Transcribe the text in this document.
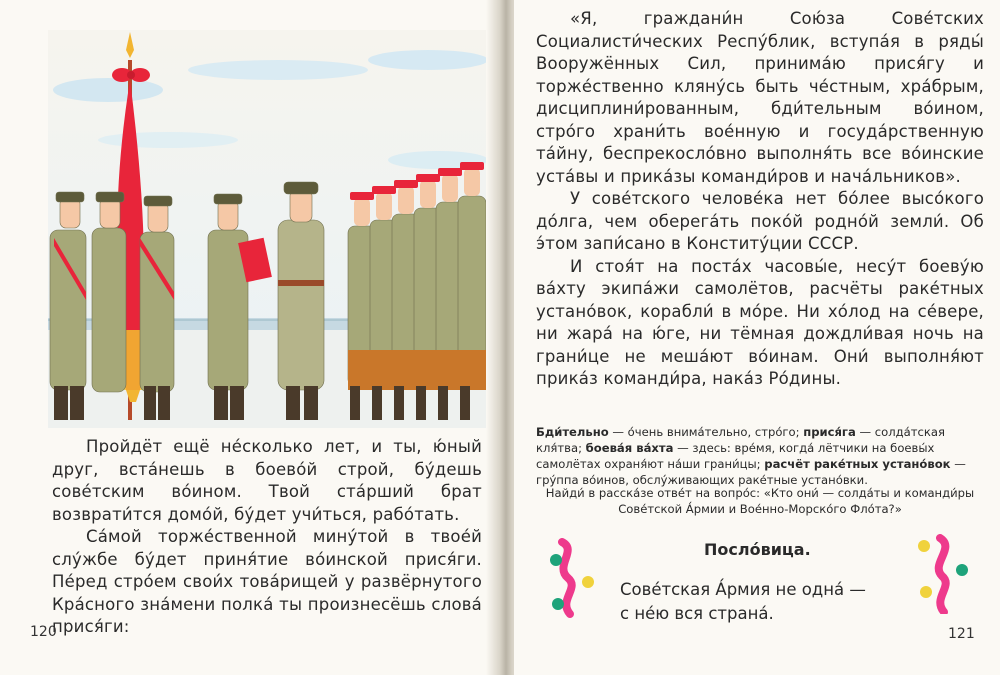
Пройдёт ещё не́сколько лет, и ты, ю́ный друг, вста́нешь в боево́й строй, бу́дешь сове́тским во́ином. Твой ста́рший брат возврати́тся домо́й, бу́дет учи́ться, рабо́тать.

Са́мой торже́ственной мину́той в твое́й слу́жбе бу́дет приня́тие во́инской прися́ги. Пе́ред стро́ем свои́х това́рищей у развёрнутого Кра́сного зна́мени полка́ ты произнесёшь слова́ прися́ги:

120

«Я, граждани́н Сою́за Сове́тских Социалисти́ческих Респу́блик, вступа́я в ряды́ Вооружённых Сил, принима́ю прися́гу и торже́ственно кляну́сь быть че́стным, хра́брым, дисциплини́рованным, бди́тельным во́ином, стро́го храни́ть вое́нную и госуда́рственную та́йну, беспрекосло́вно выполня́ть все во́инские уста́вы и прика́зы команди́ров и нача́льников».

У сове́тского челове́ка нет бо́лее высо́кого до́лга, чем оберега́ть поко́й родно́й земли́. Об э́том запи́сано в Конститу́ции СССР.

И стоя́т на поста́х часовы́е, несу́т боеву́ю ва́хту экипа́жи самолётов, расчёты раке́тных устано́вок, корабли́ в мо́ре. Ни хо́лод на се́вере, ни жара́ на ю́ге, ни тёмная дождли́вая ночь на грани́це не меша́ют во́инам. Они́ выполня́ют прика́з команди́ра, нака́з Ро́дины.

Бди́тельно — о́чень внима́тельно, стро́го; прися́га — солда́тская кля́тва; боева́я ва́хта — здесь: вре́мя, когда́ лётчики на боевы́х самолётах охраня́ют на́ши грани́цы; расчёт раке́тных устано́вок — гру́ппа во́инов, обслу́живающих раке́тные устано́вки.
Найди́ в расска́зе отве́т на вопро́с: «Кто они́ — солда́ты и команди́ры Сове́тской А́рмии и Вое́нно-Морско́го Фло́та?»
Посло́вица.
Сове́тская А́рмия не одна́ —
с не́ю вся страна́.
121
